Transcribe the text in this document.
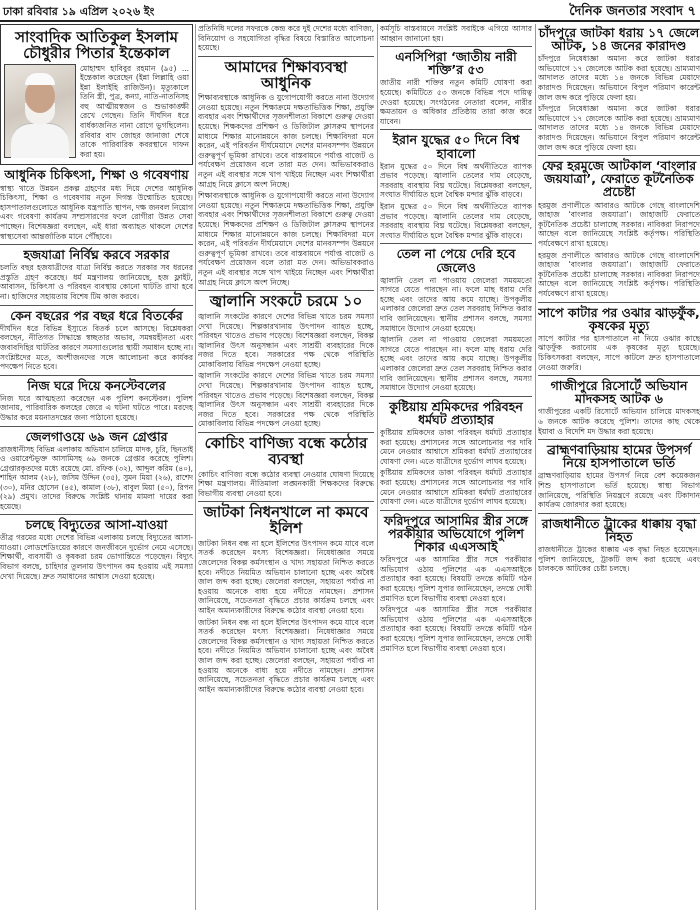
ঢাকা রবিবার ১৯ এপ্রিল ২০২৬ ইং	দৈনিক জনতার সংবাদ ৭
সাংবাদিক আতিকুল ইসলাম চৌধুরীর পিতার ইন্তেকাল

মোহাম্মদ হাবিবুর রহমান (৯৫) ... ইন্তেকাল করেছেন (ইন্না লিল্লাহি ওয়া ইন্না ইলাইহি রাজিউন)। মৃত্যুকালে তিনি স্ত্রী, পুত্র, কন্যা, নাতি-নাতনিসহ বহু আত্মীয়স্বজন ও শুভাকাঙ্ক্ষী রেখে গেছেন। তিনি দীর্ঘদিন ধরে বার্ধক্যজনিত নানা রোগে ভুগছিলেন। রবিবার বাদ জোহর জানাজা শেষে তাকে পারিবারিক কবরস্থানে দাফন করা হয়।

আধুনিক চিকিৎসা, শিক্ষা ও গবেষণায়

স্বাস্থ্য খাতে উন্নয়ন প্রকল্প গ্রহণের মধ্য দিয়ে দেশের আধুনিক চিকিৎসা, শিক্ষা ও গবেষণায় নতুন দিগন্ত উন্মোচিত হয়েছে। হাসপাতালগুলোতে আধুনিক যন্ত্রপাতি স্থাপন, দক্ষ জনবল নিয়োগ এবং গবেষণা কার্যক্রম সম্প্রসারণের ফলে রোগীরা উন্নত সেবা পাচ্ছেন। বিশেষজ্ঞরা বলছেন, এই ধারা অব্যাহত থাকলে দেশের স্বাস্থ্যসেবা আন্তর্জাতিক মানে পৌঁছাবে।

হজযাত্রা নির্বিঘ্ন করবে সরকার

চলতি বছর হজযাত্রীদের যাত্রা নির্বিঘ্ন করতে সরকার সব ধরনের প্রস্তুতি গ্রহণ করেছে। ধর্ম মন্ত্রণালয় জানিয়েছে, হজ ফ্লাইট, আবাসন, চিকিৎসা ও পরিবহন ব্যবস্থায় কোনো ঘাটতি রাখা হবে না। হাজিদের সহায়তায় বিশেষ টিম কাজ করবে।

কেন বছরের পর বছর ধরে বিতর্কের

দীর্ঘদিন ধরে বিভিন্ন ইস্যুতে বিতর্ক চলে আসছে। বিশ্লেষকরা বলছেন, নীতিগত সিদ্ধান্তে স্বচ্ছতার অভাব, সমন্বয়হীনতা এবং জবাবদিহির ঘাটতির কারণে সমস্যাগুলোর স্থায়ী সমাধান হচ্ছে না। সংশ্লিষ্টদের মতে, অংশীজনদের সঙ্গে আলোচনা করে কার্যকর পদক্ষেপ নিতে হবে।

নিজ ঘরে দিয়ে কনস্টেবলের

নিজ ঘরে আত্মহত্যা করেছেন এক পুলিশ কনস্টেবল। পুলিশ জানায়, পারিবারিক কলহের জেরে এ ঘটনা ঘটতে পারে। মরদেহ উদ্ধার করে ময়নাতদন্তের জন্য পাঠানো হয়েছে।

জেলগাওয়ে ৬৯ জন গ্রেপ্তার

রাজধানীসহ বিভিন্ন এলাকায় অভিযান চালিয়ে মাদক, চুরি, ছিনতাই ও ওয়ারেন্টভুক্ত আসামিসহ ৬৯ জনকে গ্রেপ্তার করেছে পুলিশ। গ্রেপ্তারকৃতদের মধ্যে রয়েছে মো. রফিক (৩২), আব্দুল করিম (৪০), শাহিন আলম (২৮), জসিম উদ্দিন (৩৫), সুমন মিয়া (২৬), রাশেদ (৩০), মনির হোসেন (৪৫), কামাল (৩৮), বাবুল মিয়া (৫০), রিপন (২৯) প্রমুখ। তাদের বিরুদ্ধে সংশ্লিষ্ট থানায় মামলা দায়ের করা হয়েছে।

চলছে বিদ্যুতের আসা-যাওয়া

তীব্র গরমের মধ্যে দেশের বিভিন্ন এলাকায় চলছে বিদ্যুতের আসা-যাওয়া। লোডশেডিংয়ের কারণে জনজীবনে দুর্ভোগ নেমে এসেছে। শিক্ষার্থী, ব্যবসায়ী ও কৃষকরা চরম ভোগান্তিতে পড়েছেন। বিদ্যুৎ বিভাগ বলছে, চাহিদার তুলনায় উৎপাদন কম হওয়ায় এই সমস্যা দেখা দিয়েছে। দ্রুত সমাধানের আশ্বাস দেওয়া হয়েছে।

প্রতিনিধি দলের সফরকে কেন্দ্র করে দুই দেশের মধ্যে বাণিজ্য, বিনিয়োগ ও সহযোগিতা বৃদ্ধির বিষয়ে বিস্তারিত আলোচনা হয়েছে।

আমাদের শিক্ষাব্যবস্থা আধুনিক

শিক্ষাব্যবস্থাকে আধুনিক ও যুগোপযোগী করতে নানা উদ্যোগ নেওয়া হয়েছে। নতুন শিক্ষাক্রমে দক্ষতাভিত্তিক শিক্ষা, প্রযুক্তি ব্যবহার এবং শিক্ষার্থীদের সৃজনশীলতা বিকাশে গুরুত্ব দেওয়া হয়েছে। শিক্ষকদের প্রশিক্ষণ ও ডিজিটাল ক্লাসরুম স্থাপনের মাধ্যমে শিক্ষার মানোন্নয়নে কাজ চলছে। শিক্ষাবিদরা মনে করেন, এই পরিবর্তন দীর্ঘমেয়াদে দেশের মানবসম্পদ উন্নয়নে গুরুত্বপূর্ণ ভূমিকা রাখবে। তবে বাস্তবায়নে পর্যাপ্ত বাজেট ও পর্যবেক্ষণ প্রয়োজন বলে তারা মত দেন। অভিভাবকরাও নতুন এই ব্যবস্থার সঙ্গে খাপ খাইয়ে নিচ্ছেন এবং শিক্ষার্থীরা আগ্রহ নিয়ে ক্লাসে অংশ নিচ্ছে।

শিক্ষাব্যবস্থাকে আধুনিক ও যুগোপযোগী করতে নানা উদ্যোগ নেওয়া হয়েছে। নতুন শিক্ষাক্রমে দক্ষতাভিত্তিক শিক্ষা, প্রযুক্তি ব্যবহার এবং শিক্ষার্থীদের সৃজনশীলতা বিকাশে গুরুত্ব দেওয়া হয়েছে। শিক্ষকদের প্রশিক্ষণ ও ডিজিটাল ক্লাসরুম স্থাপনের মাধ্যমে শিক্ষার মানোন্নয়নে কাজ চলছে। শিক্ষাবিদরা মনে করেন, এই পরিবর্তন দীর্ঘমেয়াদে দেশের মানবসম্পদ উন্নয়নে গুরুত্বপূর্ণ ভূমিকা রাখবে। তবে বাস্তবায়নে পর্যাপ্ত বাজেট ও পর্যবেক্ষণ প্রয়োজন বলে তারা মত দেন। অভিভাবকরাও নতুন এই ব্যবস্থার সঙ্গে খাপ খাইয়ে নিচ্ছেন এবং শিক্ষার্থীরা আগ্রহ নিয়ে ক্লাসে অংশ নিচ্ছে।

জ্বালানি সংকটে চরমে ১০

জ্বালানি সংকটের কারণে দেশের বিভিন্ন খাতে চরম সমস্যা দেখা দিয়েছে। শিল্পকারখানায় উৎপাদন ব্যাহত হচ্ছে, পরিবহন খাতেও প্রভাব পড়েছে। বিশেষজ্ঞরা বলছেন, বিকল্প জ্বালানির উৎস অনুসন্ধান এবং সাশ্রয়ী ব্যবহারের দিকে নজর দিতে হবে। সরকারের পক্ষ থেকে পরিস্থিতি মোকাবিলায় বিভিন্ন পদক্ষেপ নেওয়া হচ্ছে।

জ্বালানি সংকটের কারণে দেশের বিভিন্ন খাতে চরম সমস্যা দেখা দিয়েছে। শিল্পকারখানায় উৎপাদন ব্যাহত হচ্ছে, পরিবহন খাতেও প্রভাব পড়েছে। বিশেষজ্ঞরা বলছেন, বিকল্প জ্বালানির উৎস অনুসন্ধান এবং সাশ্রয়ী ব্যবহারের দিকে নজর দিতে হবে। সরকারের পক্ষ থেকে পরিস্থিতি মোকাবিলায় বিভিন্ন পদক্ষেপ নেওয়া হচ্ছে।

কোচিং বাণিজ্য বন্ধে কঠোর ব্যবস্থা

কোচিং বাণিজ্য বন্ধে কঠোর ব্যবস্থা নেওয়ার ঘোষণা দিয়েছে শিক্ষা মন্ত্রণালয়। নীতিমালা লঙ্ঘনকারী শিক্ষকদের বিরুদ্ধে বিভাগীয় ব্যবস্থা নেওয়া হবে।

জাটকা নিধনখালে না কমবে ইলিশ

জাটকা নিধন বন্ধ না হলে ইলিশের উৎপাদন কমে যাবে বলে সতর্ক করেছেন মৎস্য বিশেষজ্ঞরা। নিষেধাজ্ঞার সময়ে জেলেদের বিকল্প কর্মসংস্থান ও খাদ্য সহায়তা নিশ্চিত করতে হবে। নদীতে নিয়মিত অভিযান চালানো হচ্ছে এবং অবৈধ জাল জব্দ করা হচ্ছে। জেলেরা বলছেন, সহায়তা পর্যাপ্ত না হওয়ায় অনেকে বাধ্য হয়ে নদীতে নামছেন। প্রশাসন জানিয়েছে, সচেতনতা বৃদ্ধিতে প্রচার কার্যক্রম চলছে এবং আইন অমান্যকারীদের বিরুদ্ধে কঠোর ব্যবস্থা নেওয়া হবে।

জাটকা নিধন বন্ধ না হলে ইলিশের উৎপাদন কমে যাবে বলে সতর্ক করেছেন মৎস্য বিশেষজ্ঞরা। নিষেধাজ্ঞার সময়ে জেলেদের বিকল্প কর্মসংস্থান ও খাদ্য সহায়তা নিশ্চিত করতে হবে। নদীতে নিয়মিত অভিযান চালানো হচ্ছে এবং অবৈধ জাল জব্দ করা হচ্ছে। জেলেরা বলছেন, সহায়তা পর্যাপ্ত না হওয়ায় অনেকে বাধ্য হয়ে নদীতে নামছেন। প্রশাসন জানিয়েছে, সচেতনতা বৃদ্ধিতে প্রচার কার্যক্রম চলছে এবং আইন অমান্যকারীদের বিরুদ্ধে কঠোর ব্যবস্থা নেওয়া হবে।

কর্মসূচি বাস্তবায়নে সংশ্লিষ্ট সবাইকে এগিয়ে আসার আহ্বান জানানো হয়।

এনসিপিরা ‘জাতীয় নারী শক্তি’র ৫৩

জাতীয় নারী শক্তির নতুন কমিটি ঘোষণা করা হয়েছে। কমিটিতে ৫৩ জনকে বিভিন্ন পদে দায়িত্ব দেওয়া হয়েছে। সংগঠনের নেতারা বলেন, নারীর ক্ষমতায়ন ও অধিকার প্রতিষ্ঠায় তারা কাজ করে যাবেন।

ইরান যুদ্ধের ৫০ দিনে বিশ্ব হাবালো

ইরান যুদ্ধের ৫০ দিনে বিশ্ব অর্থনীতিতে ব্যাপক প্রভাব পড়েছে। জ্বালানি তেলের দাম বেড়েছে, সরবরাহ ব্যবস্থায় বিঘ্ন ঘটেছে। বিশ্লেষকরা বলছেন, সংঘাত দীর্ঘায়িত হলে বৈশ্বিক মন্দার ঝুঁকি বাড়বে।

ইরান যুদ্ধের ৫০ দিনে বিশ্ব অর্থনীতিতে ব্যাপক প্রভাব পড়েছে। জ্বালানি তেলের দাম বেড়েছে, সরবরাহ ব্যবস্থায় বিঘ্ন ঘটেছে। বিশ্লেষকরা বলছেন, সংঘাত দীর্ঘায়িত হলে বৈশ্বিক মন্দার ঝুঁকি বাড়বে।

তেল না পেয়ে দেরি হবে জেলেও

জ্বালানি তেল না পাওয়ায় জেলেরা সময়মতো সাগরে যেতে পারছেন না। ফলে মাছ ধরায় দেরি হচ্ছে এবং তাদের আয় কমে যাচ্ছে। উপকূলীয় এলাকার জেলেরা দ্রুত তেল সরবরাহ নিশ্চিত করার দাবি জানিয়েছেন। স্থানীয় প্রশাসন বলছে, সমস্যা সমাধানে উদ্যোগ নেওয়া হয়েছে।

জ্বালানি তেল না পাওয়ায় জেলেরা সময়মতো সাগরে যেতে পারছেন না। ফলে মাছ ধরায় দেরি হচ্ছে এবং তাদের আয় কমে যাচ্ছে। উপকূলীয় এলাকার জেলেরা দ্রুত তেল সরবরাহ নিশ্চিত করার দাবি জানিয়েছেন। স্থানীয় প্রশাসন বলছে, সমস্যা সমাধানে উদ্যোগ নেওয়া হয়েছে।

কুষ্টিয়ায় শ্রমিকদের পরিবহন ধর্মঘট প্রত্যাহার

কুষ্টিয়ায় শ্রমিকদের ডাকা পরিবহন ধর্মঘট প্রত্যাহার করা হয়েছে। প্রশাসনের সঙ্গে আলোচনার পর দাবি মেনে নেওয়ার আশ্বাসে শ্রমিকরা ধর্মঘট প্রত্যাহারের ঘোষণা দেন। এতে যাত্রীদের দুর্ভোগ লাঘব হয়েছে।

কুষ্টিয়ায় শ্রমিকদের ডাকা পরিবহন ধর্মঘট প্রত্যাহার করা হয়েছে। প্রশাসনের সঙ্গে আলোচনার পর দাবি মেনে নেওয়ার আশ্বাসে শ্রমিকরা ধর্মঘট প্রত্যাহারের ঘোষণা দেন। এতে যাত্রীদের দুর্ভোগ লাঘব হয়েছে।

ফরিদপুরে আসামির স্ত্রীর সঙ্গে পরকীয়ার অভিযোগে পুলিশ শিকার এএসআই

ফরিদপুরে এক আসামির স্ত্রীর সঙ্গে পরকীয়ার অভিযোগ ওঠায় পুলিশের এক এএসআইকে প্রত্যাহার করা হয়েছে। বিষয়টি তদন্তে কমিটি গঠন করা হয়েছে। পুলিশ সুপার জানিয়েছেন, তদন্তে দোষী প্রমাণিত হলে বিভাগীয় ব্যবস্থা নেওয়া হবে।

ফরিদপুরে এক আসামির স্ত্রীর সঙ্গে পরকীয়ার অভিযোগ ওঠায় পুলিশের এক এএসআইকে প্রত্যাহার করা হয়েছে। বিষয়টি তদন্তে কমিটি গঠন করা হয়েছে। পুলিশ সুপার জানিয়েছেন, তদন্তে দোষী প্রমাণিত হলে বিভাগীয় ব্যবস্থা নেওয়া হবে।

চাঁদপুরে জাটকা ধরায় ১৭ জেলে আটক, ১৪ জনের কারাদণ্ড

চাঁদপুরে নিষেধাজ্ঞা অমান্য করে জাটকা ধরার অভিযোগে ১৭ জেলেকে আটক করা হয়েছে। ভ্রাম্যমাণ আদালত তাদের মধ্যে ১৪ জনকে বিভিন্ন মেয়াদে কারাদণ্ড দিয়েছেন। অভিযানে বিপুল পরিমাণ কারেন্ট জাল জব্দ করে পুড়িয়ে ফেলা হয়।

চাঁদপুরে নিষেধাজ্ঞা অমান্য করে জাটকা ধরার অভিযোগে ১৭ জেলেকে আটক করা হয়েছে। ভ্রাম্যমাণ আদালত তাদের মধ্যে ১৪ জনকে বিভিন্ন মেয়াদে কারাদণ্ড দিয়েছেন। অভিযানে বিপুল পরিমাণ কারেন্ট জাল জব্দ করে পুড়িয়ে ফেলা হয়।

ফের হরমুজে আটকাল ‘বাংলার জয়যাত্রা’, ফেরাতে কূটনৈতিক প্রচেষ্টা

হরমুজ প্রণালীতে আবারও আটকে গেছে বাংলাদেশি জাহাজ ‘বাংলার জয়যাত্রা’। জাহাজটি ফেরাতে কূটনৈতিক প্রচেষ্টা চালাচ্ছে সরকার। নাবিকরা নিরাপদে আছেন বলে জানিয়েছে সংশ্লিষ্ট কর্তৃপক্ষ। পরিস্থিতি পর্যবেক্ষণে রাখা হয়েছে।

হরমুজ প্রণালীতে আবারও আটকে গেছে বাংলাদেশি জাহাজ ‘বাংলার জয়যাত্রা’। জাহাজটি ফেরাতে কূটনৈতিক প্রচেষ্টা চালাচ্ছে সরকার। নাবিকরা নিরাপদে আছেন বলে জানিয়েছে সংশ্লিষ্ট কর্তৃপক্ষ। পরিস্থিতি পর্যবেক্ষণে রাখা হয়েছে।

সাপে কাটার পর ওঝার ঝাড়ফুঁক, কৃষকের মৃত্যু

সাপে কাটার পর হাসপাতালে না নিয়ে ওঝার কাছে ঝাড়ফুঁক করানোয় এক কৃষকের মৃত্যু হয়েছে। চিকিৎসকরা বলছেন, সাপে কাটলে দ্রুত হাসপাতালে নেওয়া জরুরি।

গাজীপুরে রিসোর্টে অভিযান মাদকসহ আটক ৬

গাজীপুরের একটি রিসোর্টে অভিযান চালিয়ে মাদকসহ ৬ জনকে আটক করেছে পুলিশ। তাদের কাছ থেকে ইয়াবা ও বিদেশি মদ উদ্ধার করা হয়েছে।

ব্রাহ্মণবাড়িয়ায় হামের উপসর্গ নিয়ে হাসপাতালে ভর্তি

ব্রাহ্মণবাড়িয়ায় হামের উপসর্গ নিয়ে বেশ কয়েকজন শিশু হাসপাতালে ভর্তি হয়েছে। স্বাস্থ্য বিভাগ জানিয়েছে, পরিস্থিতি নিয়ন্ত্রণে রয়েছে এবং টিকাদান কার্যক্রম জোরদার করা হয়েছে।

রাজধানীতে ট্রাকের ধাক্কায় বৃদ্ধা নিহত

রাজধানীতে ট্রাকের ধাক্কায় এক বৃদ্ধা নিহত হয়েছেন। পুলিশ জানিয়েছে, ট্রাকটি জব্দ করা হয়েছে এবং চালককে আটকের চেষ্টা চলছে।
